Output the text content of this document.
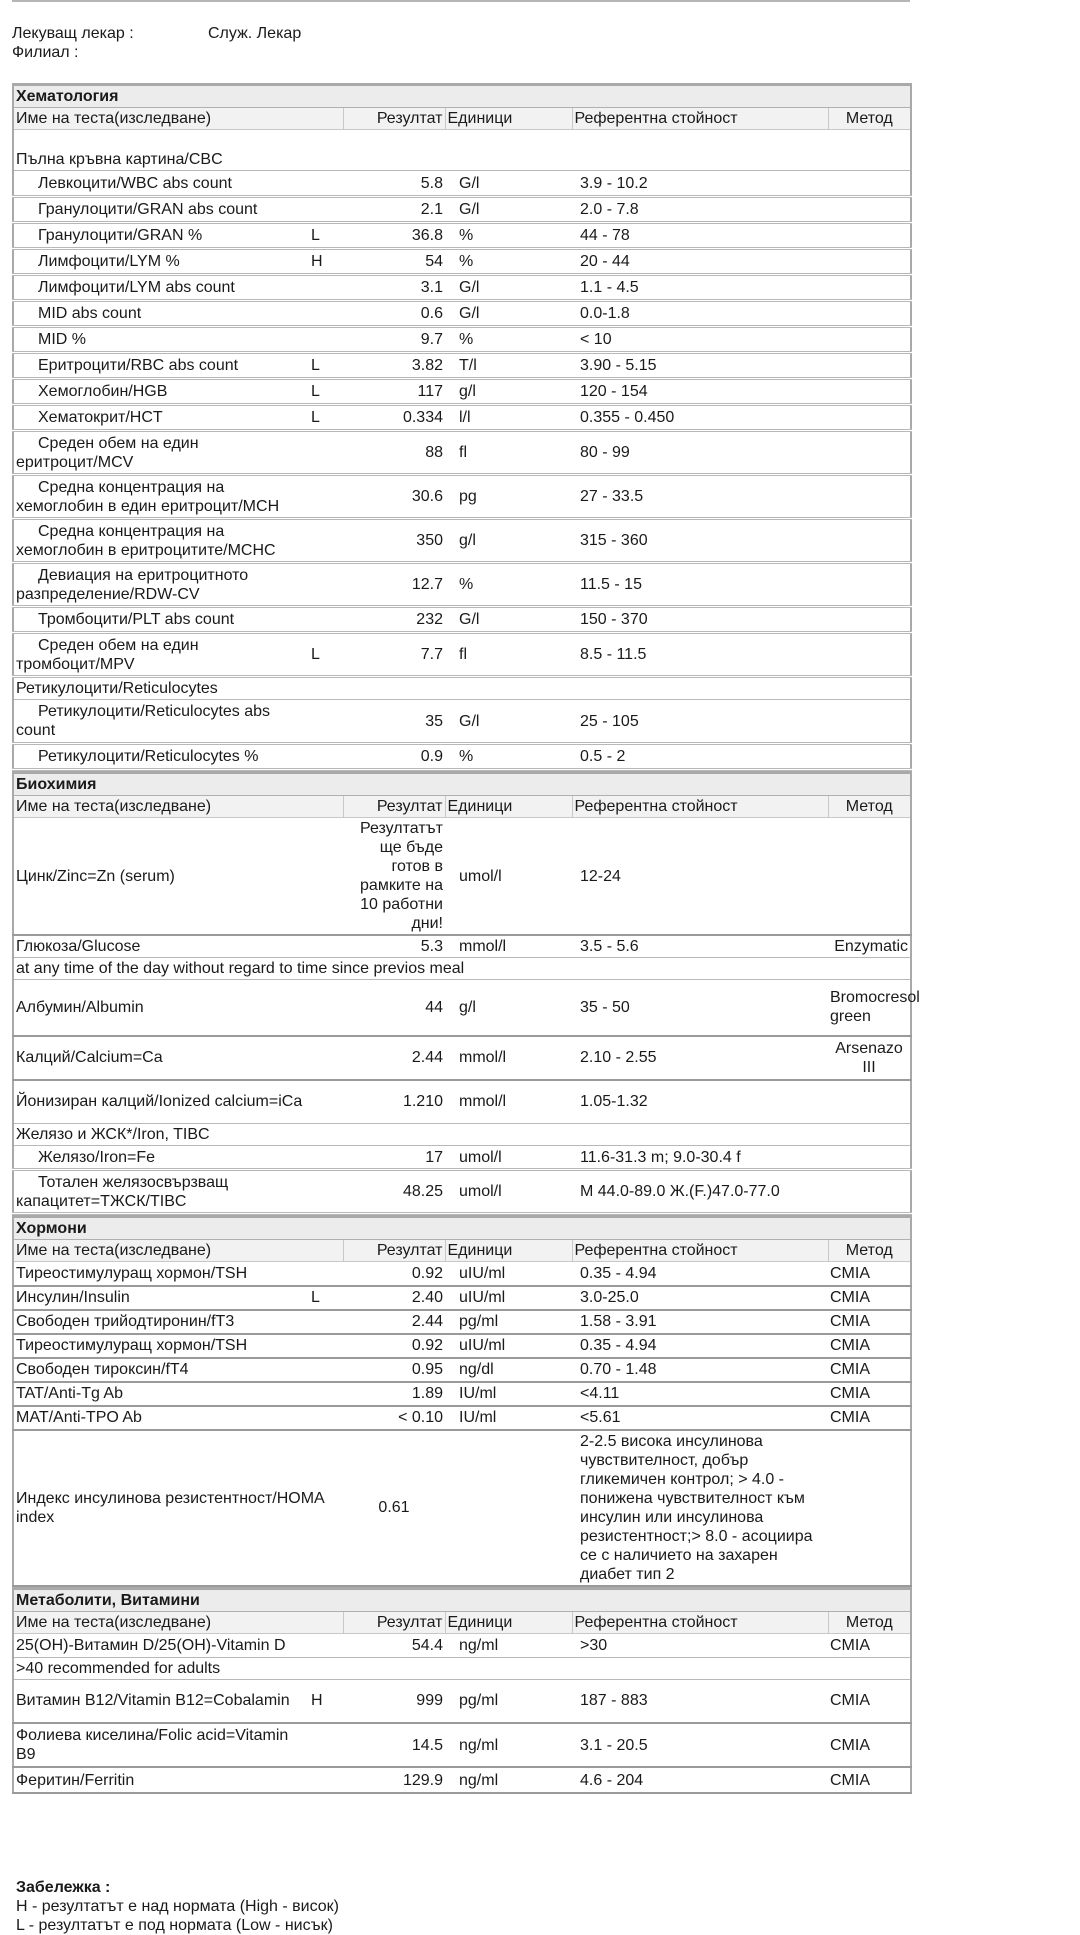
Лекуващ лекар :	Служ. Лекар
Филиал :
Хематология					
Име на теста(изследване)		Резултат	Единици	Референтна стойност	Метод
Пълна кръвна картина/CBC					
Левкоцити/WBC abs count		5.8	G/l	3.9 - 10.2	
Гранулоцити/GRAN abs count		2.1	G/l	2.0 - 7.8	
Гранулоцити/GRAN %	L	36.8	%	44 - 78	
Лимфоцити/LYM %	H	54	%	20 - 44	
Лимфоцити/LYM abs count		3.1	G/l	1.1 - 4.5	
MID abs count		0.6	G/l	0.0-1.8	
MID %		9.7	%	< 10	
Еритроцити/RBC abs count	L	3.82	T/l	3.90 - 5.15	
Хемоглобин/HGB	L	117	g/l	120 - 154	
Хематокрит/HCT	L	0.334	l/l	0.355 - 0.450	
Среден обем на един еритроцит/MCV		88	fl	80 - 99	
Средна концентрация на хемоглобин в един еритроцит/MCH		30.6	pg	27 - 33.5	
Средна концентрация на хемоглобин в еритроцитите/MCHC		350	g/l	315 - 360	
Девиация на еритроцитното разпределение/RDW-CV		12.7	%	11.5 - 15	
Тромбоцити/PLT abs count		232	G/l	150 - 370	
Среден обем на един тромбоцит/MPV	L	7.7	fl	8.5 - 11.5	
Ретикулоцити/Reticulocytes					
Ретикулоцити/Reticulocytes abs count		35	G/l	25 - 105	
Ретикулоцити/Reticulocytes %		0.9	%	0.5 - 2	
Биохимия					
Име на теста(изследване)		Резултат	Единици	Референтна стойност	Метод
Цинк/Zinc=Zn (serum)		Резултатът ще бъде готов в рамките на 10 работни дни!	umol/l	12-24	
Глюкоза/Glucose		5.3	mmol/l	3.5 - 5.6	Enzymatic
at any time of the day without regard to time since previos meal					
Албумин/Albumin		44	g/l	35 - 50	Bromocresol green
Калций/Calcium=Ca		2.44	mmol/l	2.10 - 2.55	Arsenazo III
Йонизиран калций/Ionized calcium=iCa		1.210	mmol/l	1.05-1.32	
Желязо и ЖСК*/Iron, TIBC					
Желязо/Iron=Fe		17	umol/l	11.6-31.3 m; 9.0-30.4 f	
Тотален желязосвързващ капацитет=ТЖСК/TIBC		48.25	umol/l	М 44.0-89.0 Ж.(F.)47.0-77.0	
Хормони					
Име на теста(изследване)		Резултат	Единици	Референтна стойност	Метод
Тиреостимулуращ хормон/TSH		0.92	uIU/ml	0.35 - 4.94	CMIA
Инсулин/Insulin	L	2.40	uIU/ml	3.0-25.0	CMIA
Свободен трийодтиронин/fT3		2.44	pg/ml	1.58 - 3.91	CMIA
Тиреостимулуращ хормон/TSH		0.92	uIU/ml	0.35 - 4.94	CMIA
Свободен тироксин/fT4		0.95	ng/dl	0.70 - 1.48	CMIA
TAT/Anti-Tg Ab		1.89	IU/ml	<4.11	CMIA
MAT/Anti-TPO Ab		< 0.10	IU/ml	<5.61	CMIA
Индекс инсулинова резистентност/HOMA index		0.61		2-2.5 висока инсулинова чувствителност, добър гликемичен контрол; > 4.0 - понижена чувствителност към инсулин или инсулинова резистентност;> 8.0 - асоциира се с наличието на захарен диабет тип 2	
Метаболити, Витамини					
Име на теста(изследване)		Резултат	Единици	Референтна стойност	Метод
25(OH)-Витамин D/25(OH)-Vitamin D		54.4	ng/ml	>30	CMIA
>40 recommended for adults					
Витамин B12/Vitamin B12=Cobalamin	H	999	pg/ml	187 - 883	CMIA
Фолиева киселина/Folic acid=Vitamin B9		14.5	ng/ml	3.1 - 20.5	CMIA
Феритин/Ferritin		129.9	ng/ml	4.6 - 204	CMIA
Забележка :
H - резултатът е над нормата (High - висок)
L - резултатът е под нормата (Low - нисък)
